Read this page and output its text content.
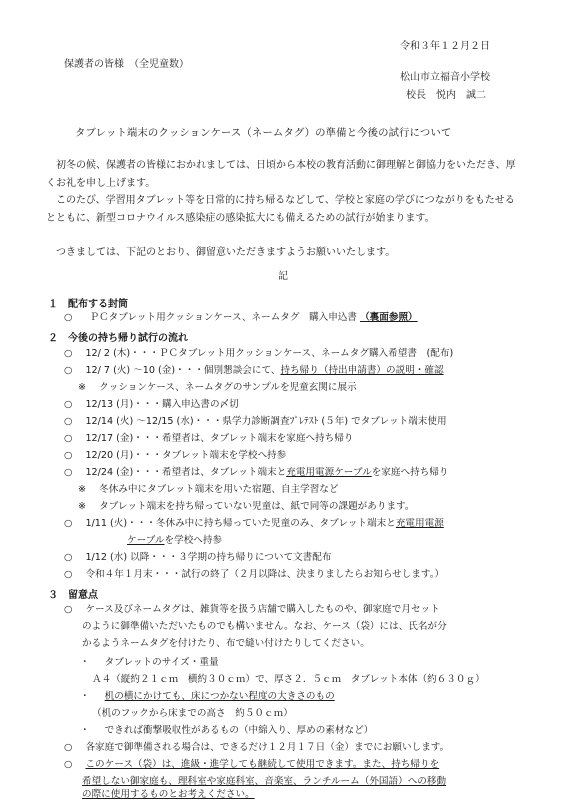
令和３年１２月２日
保護者の皆様　（全児童数）
松山市立福音小学校
校長　悦内　誠二
タブレット端末のクッションケース（ネームタグ）の準備と今後の試行について
初冬の候、保護者の皆様におかれましては、日頃から本校の教育活動に御理解と御協力をいただき、厚くお礼を申し上げます。
このたび、学習用タブレット等を日常的に持ち帰るなどして、学校と家庭の学びにつながりをもたせるとともに、新型コロナウイルス感染症の感染拡大にも備えるための試行が始まります。
つきましては、下記のとおり、御留意いただきますようお願いいたします。
記
１　配布する封筒
○ ＰＣタブレット用クッションケース、ネームタグ　購入申込書 （裏面参照）
２　今後の持ち帰り試行の流れ
○ 12/ 2 (木)・・・ＰＣタブレット用クッションケース、ネームタグ購入希望書　(配布)
○ 12/ 7 (火) ～10 (金)・・・個別懇談会にて、持ち帰り（持出申請書）の説明・確認
※ クッションケース、ネームタグのサンプルを児童玄関に展示
○ 12/13 (月)・・・購入申込書の〆切
○ 12/14 (火) ～12/15 (水)・・・県学力診断調査ﾌﾟﾚﾃｽﾄ (５年) でタブレット端末使用
○ 12/17 (金)・・・希望者は、タブレット端末を家庭へ持ち帰り
○ 12/20 (月)・・・タブレット端末を学校へ持参
○ 12/24 (金)・・・希望者は、タブレット端末と充電用電源ケーブルを家庭へ持ち帰り
※ 冬休み中にタブレット端末を用いた宿題、自主学習など
※ タブレット端末を持ち帰っていない児童は、紙で同等の課題があります。
○ 1/11 (火)・・・冬休み中に持ち帰っていた児童のみ、タブレット端末と充電用電源
ケーブルを学校へ持参
○ 1/12 (水) 以降・・・３学期の持ち帰りについて文書配布
○ 令和４年１月末・・・試行の終了（２月以降は、決まりましたらお知らせします。）
３　留意点
○ ケース及びネームタグは、雑貨等を扱う店舗で購入したものや、御家庭で月セット
のように御準備いただいたものでも構いません。なお、ケース（袋）には、氏名が分
かるようネームタグを付けたり、布で縫い付けたりしてください。
・ タブレットのサイズ・重量
Ａ４（縦約２１ｃｍ　横約３０ｃｍ）で、厚さ２．５ｃｍ　タブレット本体（約６３０ｇ）
・ 机の横にかけても、床につかない程度の大きさのもの
（机のフックから床までの高さ　約５０ｃｍ）
・ できれば衝撃吸収性があるもの（中綿入り、厚めの素材など）
○ 各家庭で御準備される場合は、できるだけ１２月１７日（金）までにお願いします。
○ このケース（袋）は、進級・進学しても継続して使用できます。また、持ち帰りを
希望しない御家庭も、理科室や家庭科室、音楽室、ランチルーム（外国語）への移動
の際に使用するものとお考えください。
